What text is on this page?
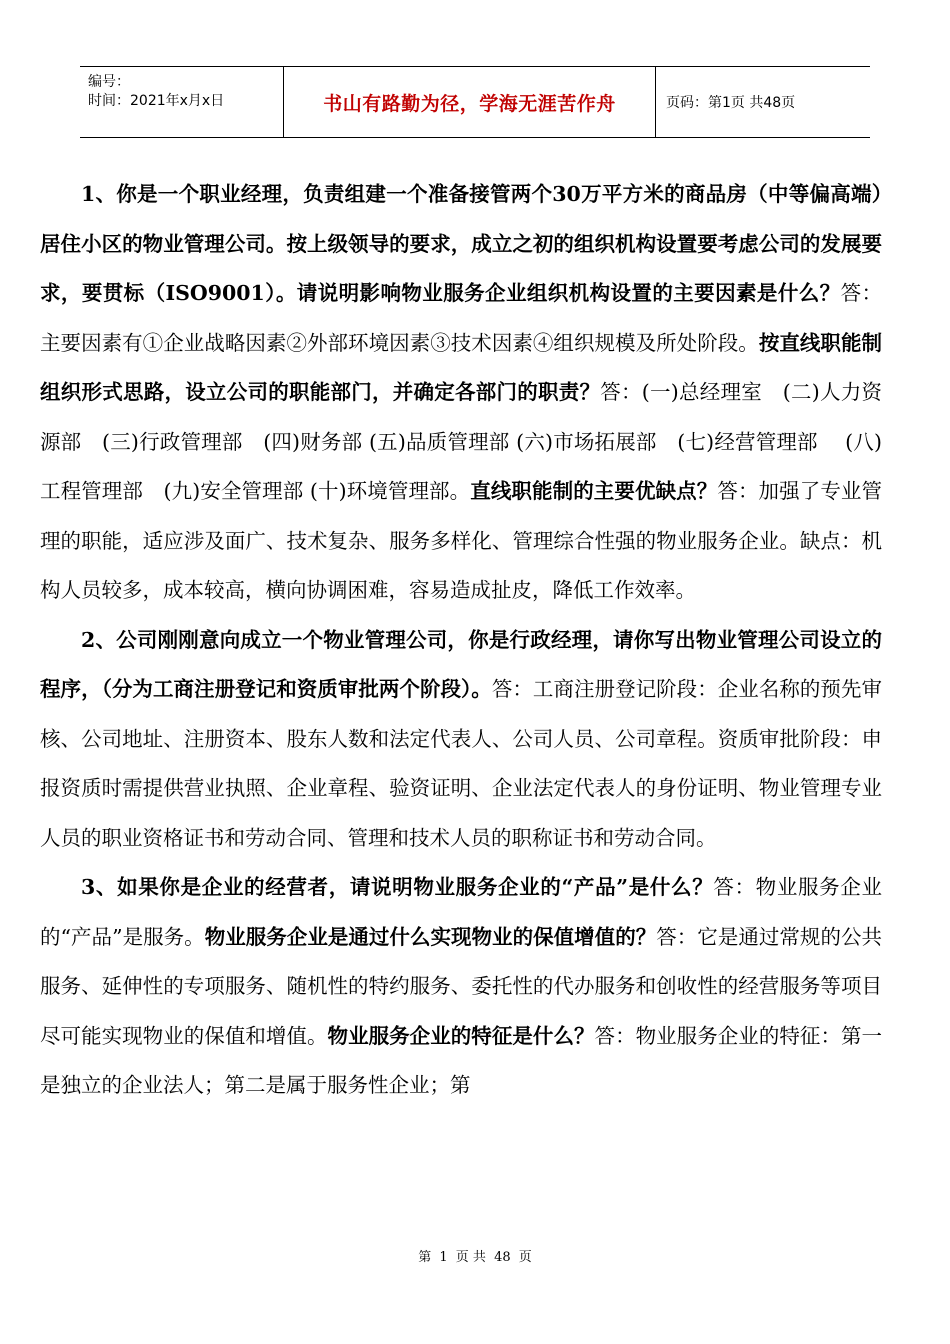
编号：
时间：2021年x月x日	书山有路勤为径，学海无涯苦作舟	页码：第1页 共48页

1、你是一个职业经理，负责组建一个准备接管两个30万平方米的商品房（中等偏高端）居住小区的物业管理公司。按上级领导的要求，成立之初的组织机构设置要考虑公司的发展要求，要贯标（ISO9001）。请说明影响物业服务企业组织机构设置的主要因素是什么？答：主要因素有①企业战略因素②外部环境因素③技术因素④组织规模及所处阶段。按直线职能制组织形式思路，设立公司的职能部门，并确定各部门的职责？答：(一)总经理室　(二)人力资源部　(三)行政管理部　(四)财务部 (五)品质管理部 (六)市场拓展部　(七)经营管理部　 (八)工程管理部　(九)安全管理部 (十)环境管理部。直线职能制的主要优缺点？答：加强了专业管理的职能，适应涉及面广、技术复杂、服务多样化、管理综合性强的物业服务企业。缺点：机构人员较多，成本较高，横向协调困难，容易造成扯皮，降低工作效率。

2、公司刚刚意向成立一个物业管理公司，你是行政经理，请你写出物业管理公司设立的程序，（分为工商注册登记和资质审批两个阶段）。答：工商注册登记阶段：企业名称的预先审核、公司地址、注册资本、股东人数和法定代表人、公司人员、公司章程。资质审批阶段：申报资质时需提供营业执照、企业章程、验资证明、企业法定代表人的身份证明、物业管理专业人员的职业资格证书和劳动合同、管理和技术人员的职称证书和劳动合同。

3、如果你是企业的经营者，请说明物业服务企业的“产品”是什么？答：物业服务企业的“产品”是服务。物业服务企业是通过什么实现物业的保值增值的？答：它是通过常规的公共服务、延伸性的专项服务、随机性的特约服务、委托性的代办服务和创收性的经营服务等项目尽可能实现物业的保值和增值。物业服务企业的特征是什么？答：物业服务企业的特征：第一是独立的企业法人；第二是属于服务性企业；第

第 1 页 共 48 页
